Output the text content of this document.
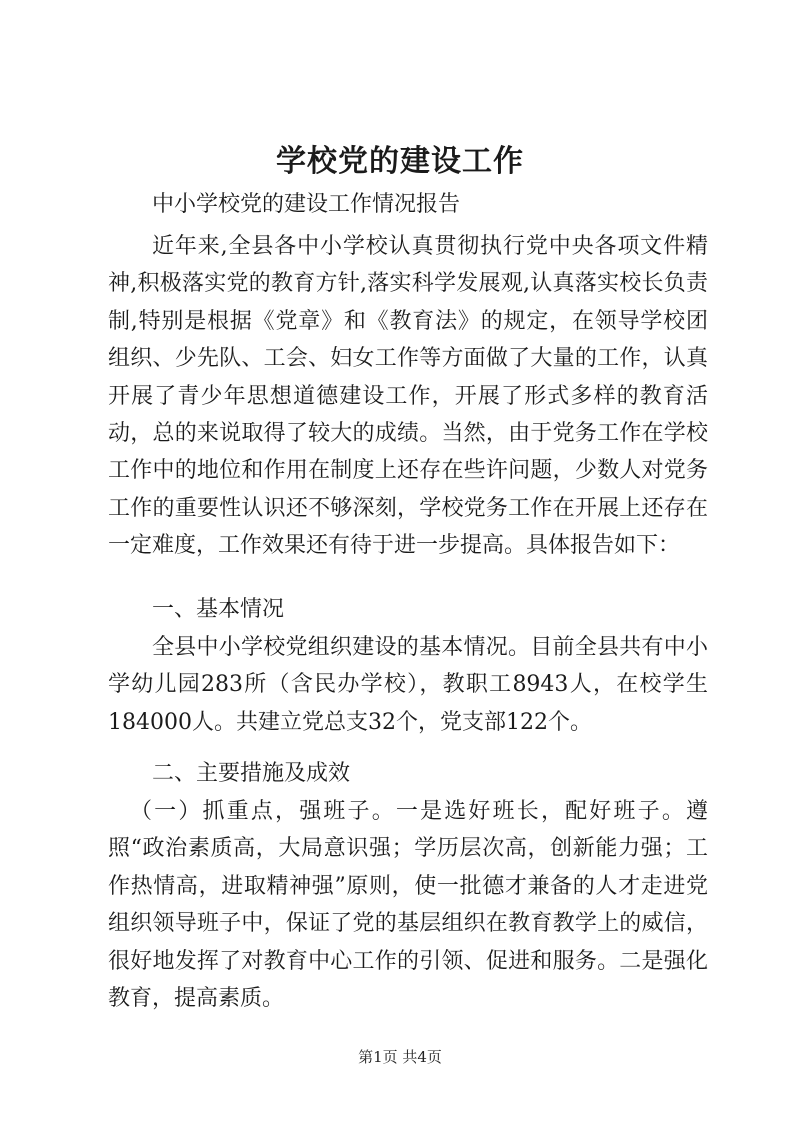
学校党的建设工作
中小学校党的建设工作情况报告
近年来,全县各中小学校认真贯彻执行党中央各项文件精神,积极落实党的教育方针,落实科学发展观,认真落实校长负责制,特别是根据《党章》和《教育法》的规定，在领导学校团组织、少先队、工会、妇女工作等方面做了大量的工作，认真开展了青少年思想道德建设工作，开展了形式多样的教育活动，总的来说取得了较大的成绩。当然，由于党务工作在学校工作中的地位和作用在制度上还存在些许问题，少数人对党务工作的重要性认识还不够深刻，学校党务工作在开展上还存在一定难度，工作效果还有待于进一步提高。具体报告如下：
一、基本情况
全县中小学校党组织建设的基本情况。目前全县共有中小学幼儿园283所（含民办学校），教职工8943人，在校学生184000人。共建立党总支32个，党支部122个。
二、主要措施及成效
（一）抓重点，强班子。一是选好班长，配好班子。遵照“政治素质高，大局意识强；学历层次高，创新能力强；工作热情高，进取精神强”原则，使一批德才兼备的人才走进党组织领导班子中，保证了党的基层组织在教育教学上的威信，很好地发挥了对教育中心工作的引领、促进和服务。二是强化教育，提高素质。
第1页 共4页
